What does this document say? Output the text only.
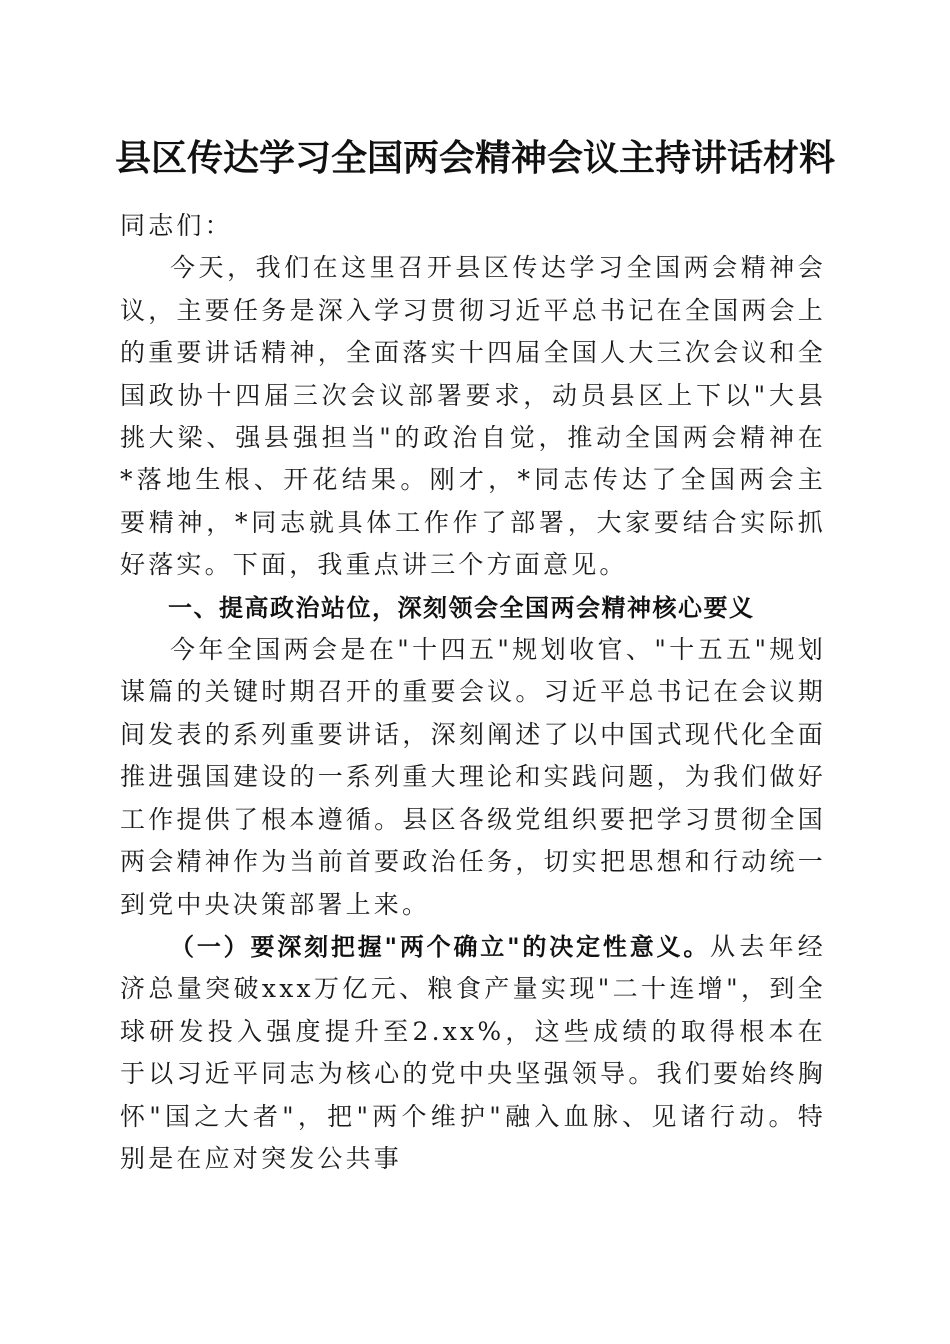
县区传达学习全国两会精神会议主持讲话材料

同志们：

今天，我们在这里召开县区传达学习全国两会精神会议，主要任务是深入学习贯彻习近平总书记在全国两会上的重要讲话精神，全面落实十四届全国人大三次会议和全国政协十四届三次会议部署要求，动员县区上下以"大县挑大梁、强县强担当"的政治自觉，推动全国两会精神在*落地生根、开花结果。刚才，*同志传达了全国两会主要精神，*同志就具体工作作了部署，大家要结合实际抓好落实。下面，我重点讲三个方面意见。

一、提高政治站位，深刻领会全国两会精神核心要义

今年全国两会是在"十四五"规划收官、"十五五"规划谋篇的关键时期召开的重要会议。习近平总书记在会议期间发表的系列重要讲话，深刻阐述了以中国式现代化全面推进强国建设的一系列重大理论和实践问题，为我们做好工作提供了根本遵循。县区各级党组织要把学习贯彻全国两会精神作为当前首要政治任务，切实把思想和行动统一到党中央决策部署上来。

（一）要深刻把握"两个确立"的决定性意义。从去年经济总量突破xxx万亿元、粮食产量实现"二十连增"，到全球研发投入强度提升至2.xx%，这些成绩的取得根本在于以习近平同志为核心的党中央坚强领导。我们要始终胸怀"国之大者"，把"两个维护"融入血脉、见诸行动。特别是在应对突发公共事
